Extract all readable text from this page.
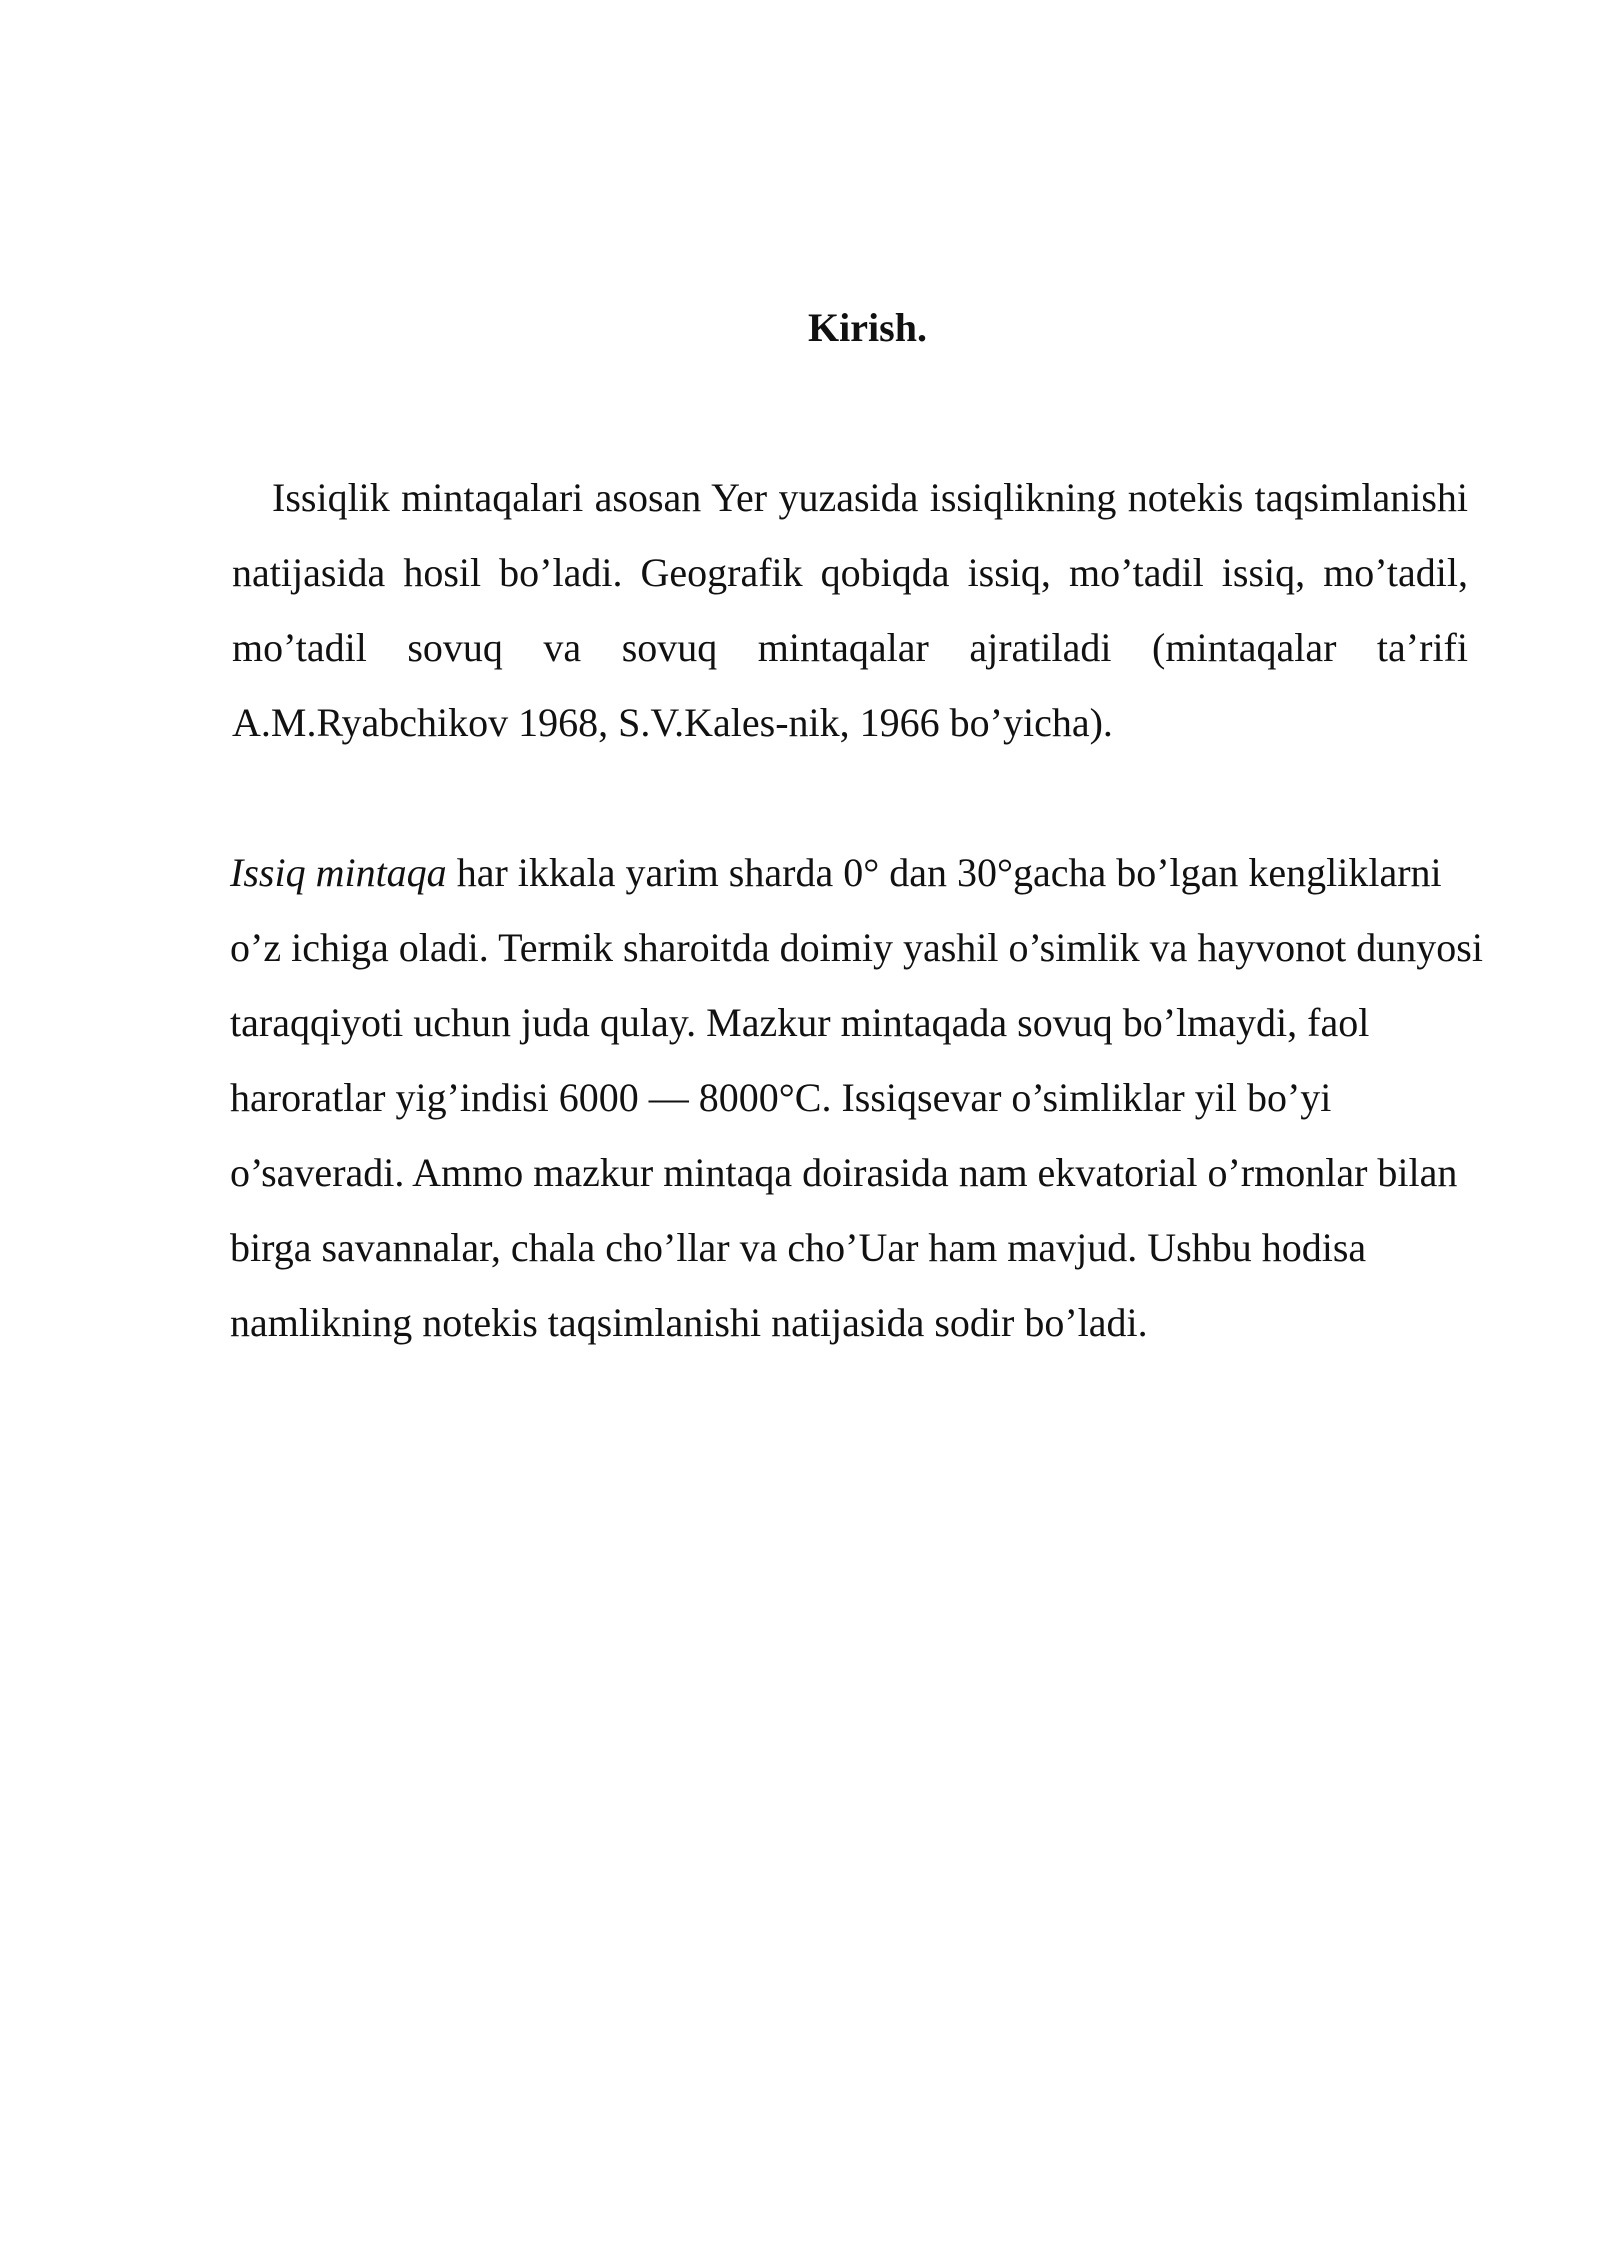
Kirish.

Issiqlik mintaqalari asosan Yer yuzasida issiqlikning notekis taqsimlanishi natijasida hosil bo’ladi. Geografik qobiqda issiq, mo’tadil issiq, mo’tadil, mo’tadil sovuq va sovuq mintaqalar ajratiladi (mintaqalar ta’rifi A.M.Ryabchikov 1968, S.V.Kales-nik, 1966 bo’yicha).

Issiq mintaqa har ikkala yarim sharda 0° dan 30°gacha bo’lgan kengliklarni o’z ichiga oladi. Termik sharoitda doimiy yashil o’simlik va hayvonot dunyosi taraqqiyoti uchun juda qulay. Mazkur mintaqada sovuq bo’lmaydi, faol haroratlar yig’indisi 6000 — 8000°C. Issiqsevar o’simliklar yil bo’yi o’saveradi. Ammo mazkur mintaqa doirasida nam ekvatorial o’rmonlar bilan birga savannalar, chala cho’llar va cho’Uar ham mavjud. Ushbu hodisa namlikning notekis taqsimlanishi natijasida sodir bo’ladi.
